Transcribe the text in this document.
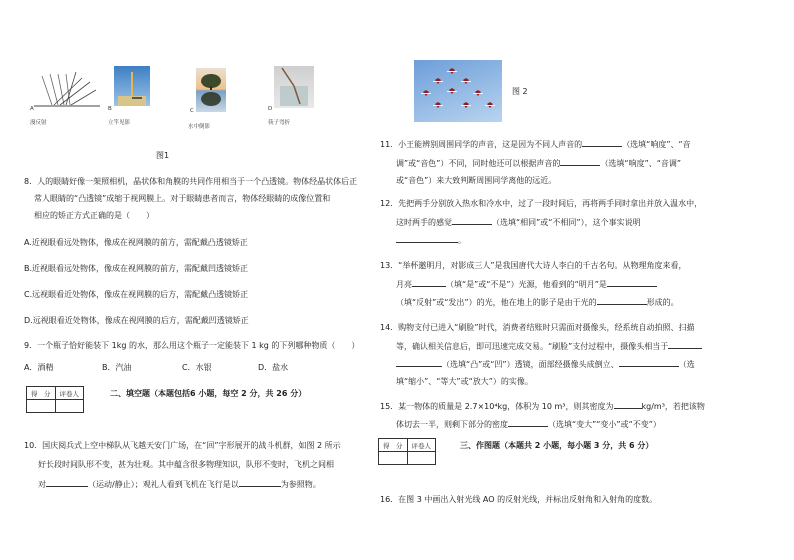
A
漫反射
B
立竿见影
C
水中倒影
D
筷子弯折
图1
8．人的眼睛好像一架照相机，晶状体和角膜的共同作用相当于一个凸透镜。物体经晶状体后正
常人眼睛的“凸透镜”成缩于视网膜上。对于眼睛患者而言，物体经眼睛的成像位置和
相应的矫正方式正确的是（　　）
A.近视眼看远处物体，像成在视网膜的前方，需配戴凸透镜矫正
B.近视眼看远处物体，像成在视网膜的前方，需配戴凹透镜矫正
C.远视眼看近处物体，像成在视网膜的后方，需配戴凸透镜矫正
D.远视眼看近处物体，像成在视网膜的后方，需配戴凹透镜矫正
9．一个瓶子恰好能装下 1kg 的水，那么用这个瓶子一定能装下 1 kg 的下列哪种物质（　　）
A．酒精	B．汽油	C．水银	D．盐水
得　分	评卷人
		二、填空题（本题包括6 小题，每空 2 分，共 26 分）
10．国庆阅兵式上空中梯队从飞越天安门广场，在“回”字形展开的战斗机群，如图 2 所示
好长段时间队形不变，甚为壮观。其中蕴含很多物理知识，队形不变时，飞机之间相
对	（运动/静止）；观礼人看到飞机在飞行是以	为参照物。
图 2
11．小王能辨别周围同学的声音，这是因为不同人声音的	（选填“响度”、“音
调”或“音色”）不同，同时他还可以根据声音的	（选填“响度”、“音调”
或“音色”）来大致判断周围同学离他的远近。
12．先把两手分别放入热水和冷水中，过了一段时间后，再将两手同时拿出并放入温水中，
这时两手的感觉	（选填“相同”或“不相同”），这个事实说明
。
13．“举杯邀明月，对影成三人”是我国唐代大诗人李白的千古名句。从物理角度来看，
月亮	（填“是”或“不是”）光源，他看到的“明月”是
（填“反射”或“发出”）的光，他在地上的影子是由于光的	形成的。
14．购物支付已进入“刷脸”时代，消费者结账时只需面对摄像头，经系统自动拍照、扫描
等，确认相关信息后，即可迅速完成交易。“刷脸”支付过程中，摄像头相当于
（选填“凸”或“凹”）透镜，面部经摄像头成倒立、	（选
填“缩小”、“等大”或“放大”）的实像。
15．某一物体的质量是 2.7×10⁴kg，体积为 10 m³，则其密度为	kg/m³，若把该物
体切去一半，则剩下部分的密度	（选填“变大”“变小”或“不变”）
得　分	评卷人
		三、作图题（本题共 2 小题，每小题 3 分，共 6 分）
16．在图 3 中画出入射光线 AO 的反射光线，并标出反射角和入射角的度数。
